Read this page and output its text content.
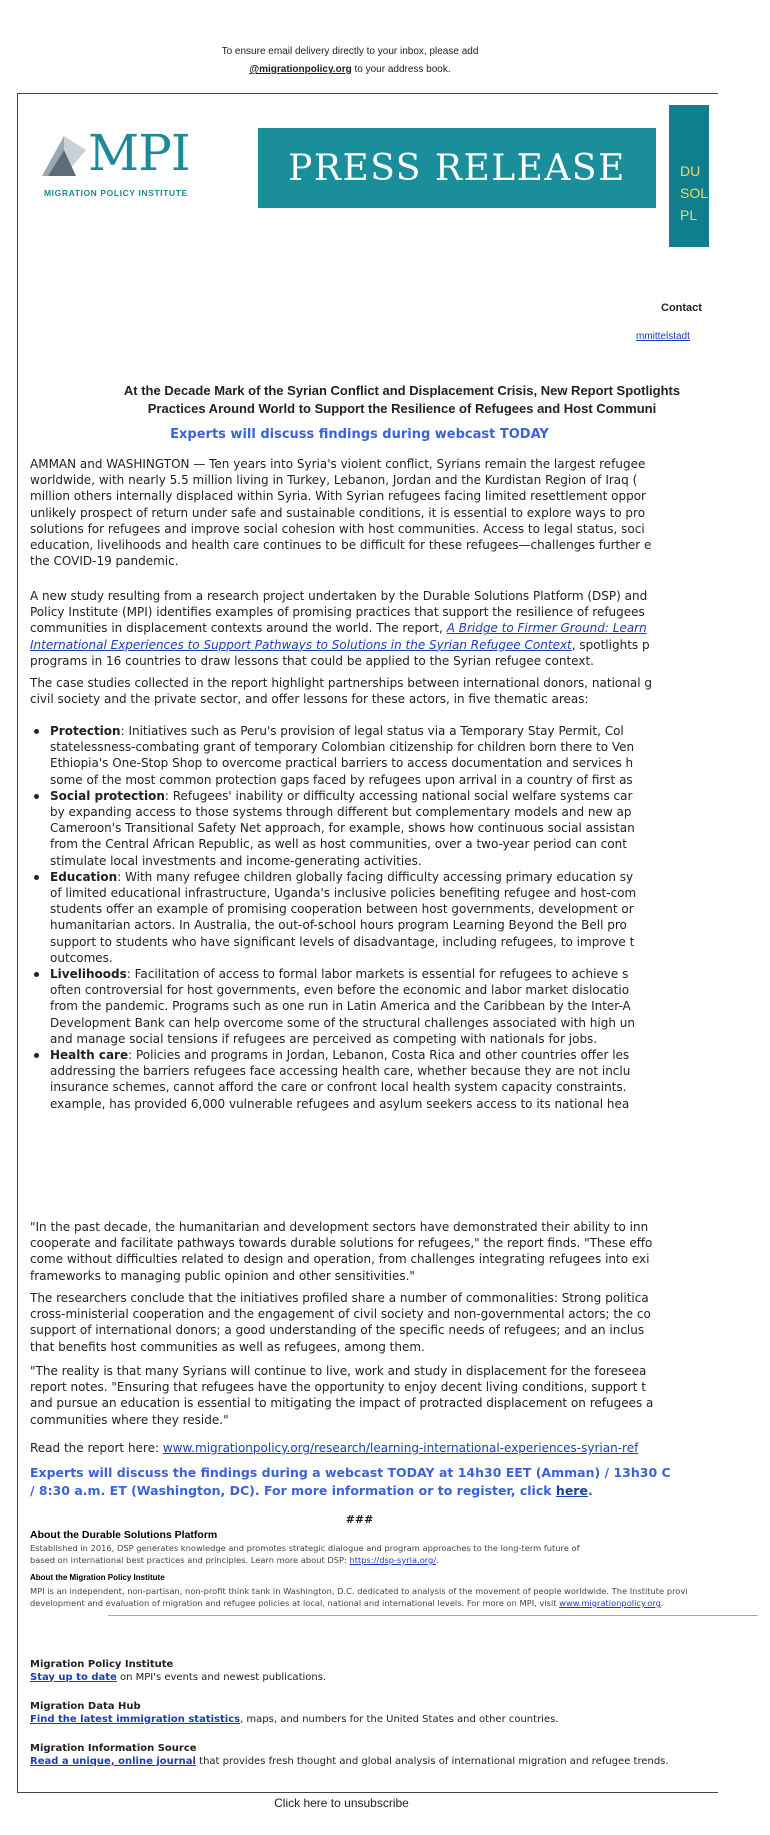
To ensure email delivery directly to your inbox, please add
@migrationpolicy.org to your address book.
MPI
MIGRATION POLICY INSTITUTE
PRESS RELEASE	DU
SOL
PL
Contact
mmittelstadt
At the Decade Mark of the Syrian Conflict and Displacement Crisis, New Report Spotlights
Practices Around World to Support the Resilience of Refugees and Host Communi
Experts will discuss findings during webcast TODAY

AMMAN and WASHINGTON — Ten years into Syria's violent conflict, Syrians remain the largest refugee

worldwide, with nearly 5.5 million living in Turkey, Lebanon, Jordan and the Kurdistan Region of Iraq (

million others internally displaced within Syria. With Syrian refugees facing limited resettlement oppor

unlikely prospect of return under safe and sustainable conditions, it is essential to explore ways to pro

solutions for refugees and improve social cohesion with host communities. Access to legal status, soci

education, livelihoods and health care continues to be difficult for these refugees—challenges further e

the COVID-19 pandemic.

A new study resulting from a research project undertaken by the Durable Solutions Platform (DSP) and

Policy Institute (MPI) identifies examples of promising practices that support the resilience of refugees

communities in displacement contexts around the world. The report, A Bridge to Firmer Ground: Learn

International Experiences to Support Pathways to Solutions in the Syrian Refugee Context, spotlights p

programs in 16 countries to draw lessons that could be applied to the Syrian refugee context.

The case studies collected in the report highlight partnerships between international donors, national g

civil society and the private sector, and offer lessons for these actors, in five thematic areas:

Protection: Initiatives such as Peru's provision of legal status via a Temporary Stay Permit, Col

statelessness-combating grant of temporary Colombian citizenship for children born there to Ven

Ethiopia's One-Stop Shop to overcome practical barriers to access documentation and services h

some of the most common protection gaps faced by refugees upon arrival in a country of first as

Social protection: Refugees' inability or difficulty accessing national social welfare systems car

by expanding access to those systems through different but complementary models and new ap

Cameroon's Transitional Safety Net approach, for example, shows how continuous social assistan

from the Central African Republic, as well as host communities, over a two-year period can cont

stimulate local investments and income-generating activities.

Education: With many refugee children globally facing difficulty accessing primary education sy

of limited educational infrastructure, Uganda's inclusive policies benefiting refugee and host-com

students offer an example of promising cooperation between host governments, development or

humanitarian actors. In Australia, the out-of-school hours program Learning Beyond the Bell pro

support to students who have significant levels of disadvantage, including refugees, to improve t

outcomes.

Livelihoods: Facilitation of access to formal labor markets is essential for refugees to achieve s

often controversial for host governments, even before the economic and labor market dislocatio

from the pandemic. Programs such as one run in Latin America and the Caribbean by the Inter-A

Development Bank can help overcome some of the structural challenges associated with high un

and manage social tensions if refugees are perceived as competing with nationals for jobs.

Health care: Policies and programs in Jordan, Lebanon, Costa Rica and other countries offer les

addressing the barriers refugees face accessing health care, whether because they are not inclu

insurance schemes, cannot afford the care or confront local health system capacity constraints.

example, has provided 6,000 vulnerable refugees and asylum seekers access to its national hea

"In the past decade, the humanitarian and development sectors have demonstrated their ability to inn

cooperate and facilitate pathways towards durable solutions for refugees," the report finds. "These effo

come without difficulties related to design and operation, from challenges integrating refugees into exi

frameworks to managing public opinion and other sensitivities."

The researchers conclude that the initiatives profiled share a number of commonalities: Strong politica

cross-ministerial cooperation and the engagement of civil society and non-governmental actors; the co

support of international donors; a good understanding of the specific needs of refugees; and an inclus

that benefits host communities as well as refugees, among them.

"The reality is that many Syrians will continue to live, work and study in displacement for the foreseea

report notes. "Ensuring that refugees have the opportunity to enjoy decent living conditions, support t

and pursue an education is essential to mitigating the impact of protracted displacement on refugees a

communities where they reside."

Read the report here: www.migrationpolicy.org/research/learning-international-experiences-syrian-ref

Experts will discuss the findings during a webcast TODAY at 14h30 EET (Amman) / 13h30 C
/ 8:30 a.m. ET (Washington, DC). For more information or to register, click here.
###
About the Durable Solutions Platform
Established in 2016, DSP generates knowledge and promotes strategic dialogue and program approaches to the long-term future of
based on international best practices and principles. Learn more about DSP: https://dsp-syria.org/.
About the Migration Policy Institute
MPI is an independent, non-partisan, non-profit think tank in Washington, D.C. dedicated to analysis of the movement of people worldwide. The Institute provi
development and evaluation of migration and refugee policies at local, national and international levels. For more on MPI, visit www.migrationpolicy.org.
Migration Policy Institute
Stay up to date on MPI's events and newest publications.
Migration Data Hub
Find the latest immigration statistics, maps, and numbers for the United States and other countries.
Migration Information Source
Read a unique, online journal that provides fresh thought and global analysis of international migration and refugee trends.
Click here to unsubscribe
